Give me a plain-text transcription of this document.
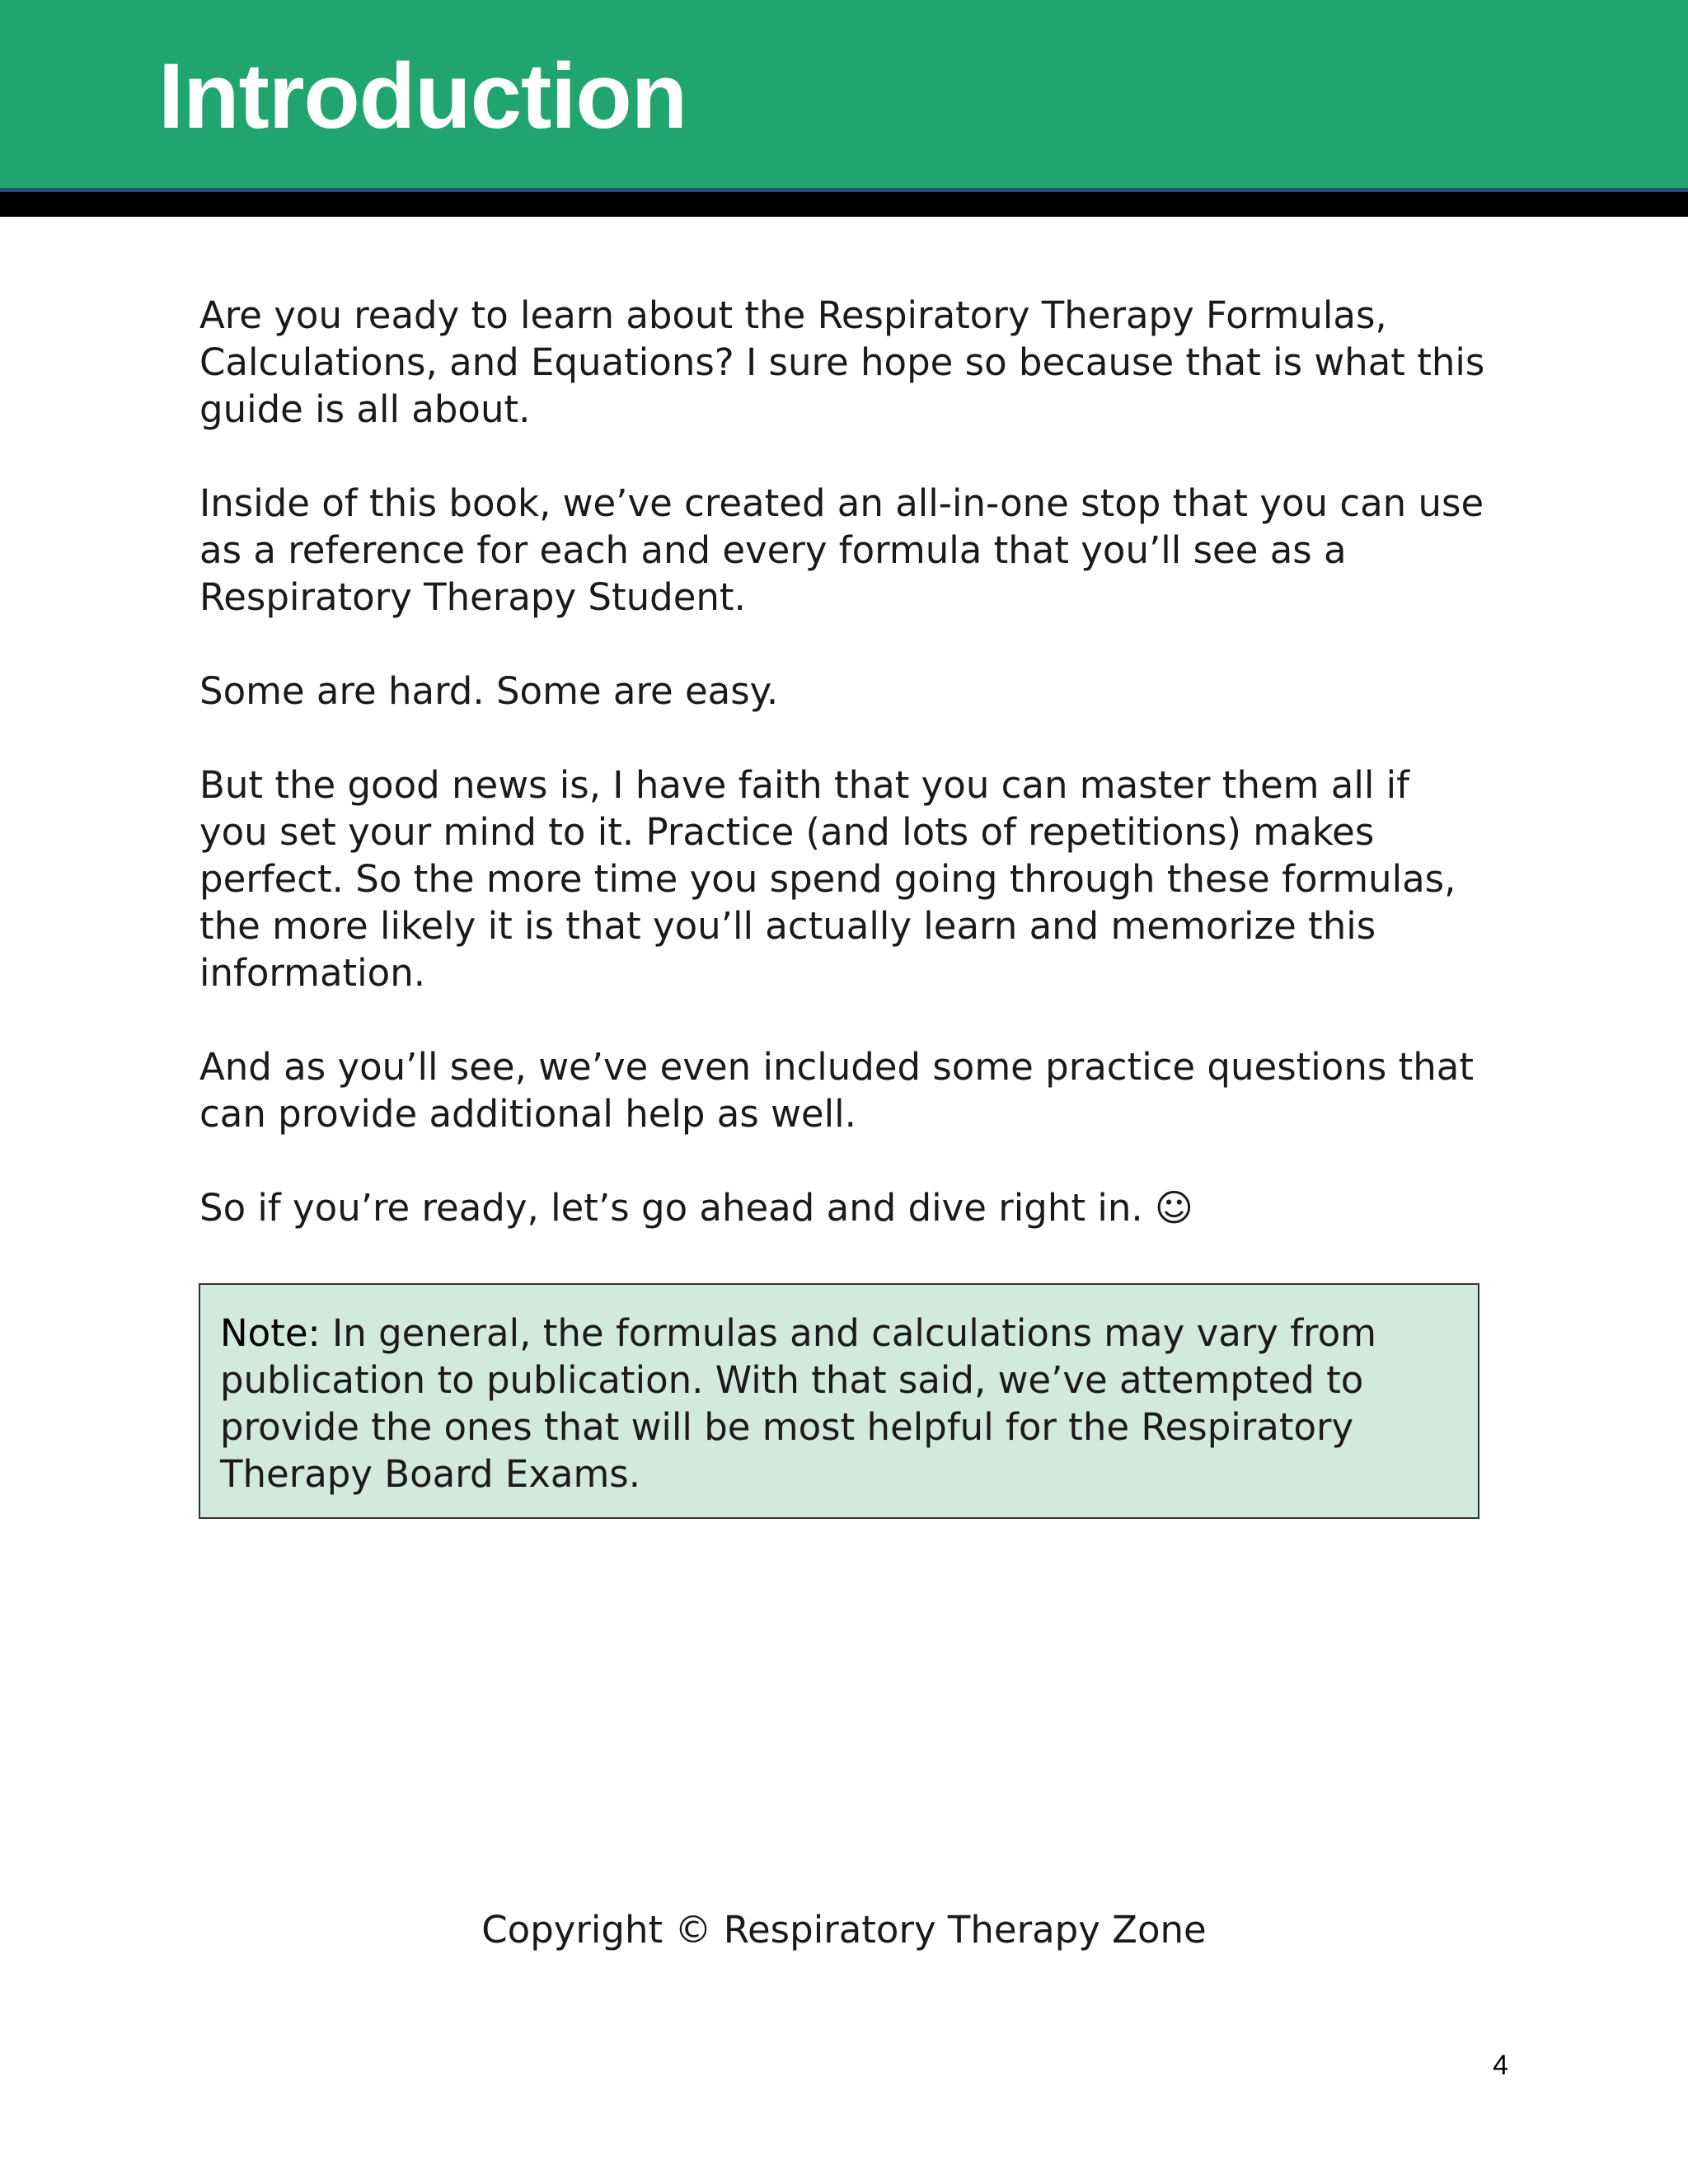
Introduction

Are you ready to learn about the Respiratory Therapy Formulas, Calculations, and Equations? I sure hope so because that is what this guide is all about.

Inside of this book, we’ve created an all-in-one stop that you can use as a reference for each and every formula that you’ll see as a Respiratory Therapy Student.

Some are hard. Some are easy.

But the good news is, I have faith that you can master them all if you set your mind to it. Practice (and lots of repetitions) makes perfect. So the more time you spend going through these formulas, the more likely it is that you’ll actually learn and memorize this information.

And as you’ll see, we’ve even included some practice questions that can provide additional help as well.

So if you’re ready, let’s go ahead and dive right in. ☺

Note: In general, the formulas and calculations may vary from publication to publication. With that said, we’ve attempted to provide the ones that will be most helpful for the Respiratory Therapy Board Exams.

Copyright © Respiratory Therapy Zone
4
